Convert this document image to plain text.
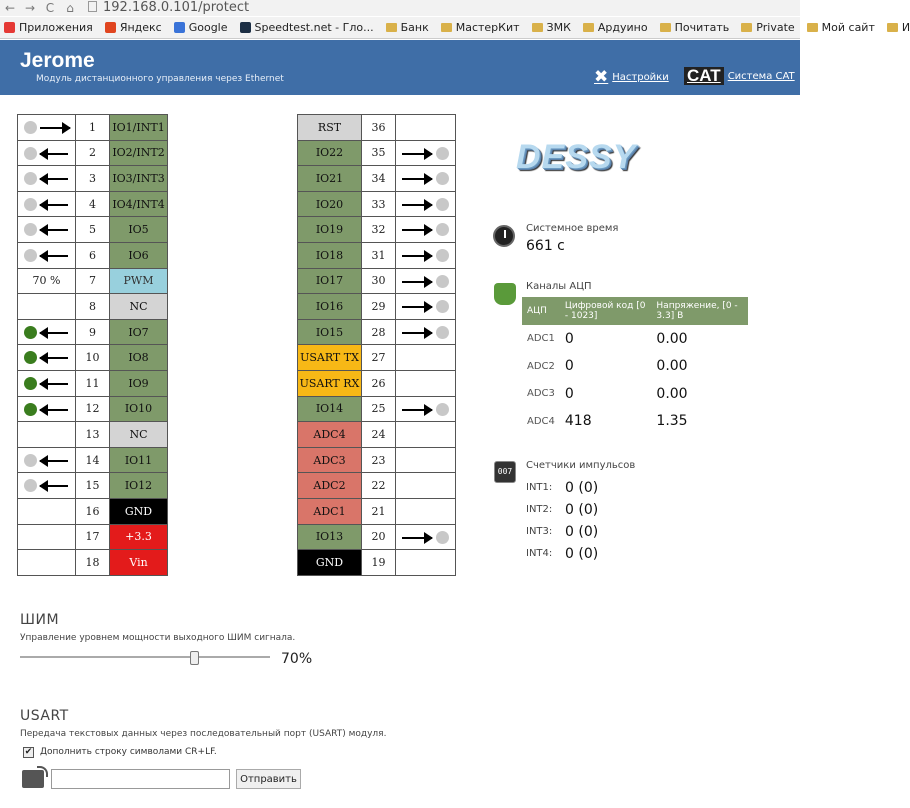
← → C	⌂	192.168.0.101/protect
Приложения Яндекс Google Speedtest.net - Гло... Банк МастерКит ЗМК Ардуино Почитать Private Мой сайт И
Jerome
Модуль дистанционного управления через Ethernet	✖ Настройки CAT Система CAT
	1	IO1/INT1		RST	36	

	2	IO2/INT2		IO22	35	

	3	IO3/INT3		IO21	34	

	4	IO4/INT4		IO20	33	

	5	IO5		IO19	32	

	6	IO6		IO18	31	

70 %	7	PWM		IO17	30	

	8	NC		IO16	29	

	9	IO7		IO15	28	

	10	IO8		USART TX	27	

	11	IO9		USART RX	26	

	12	IO10		IO14	25	

	13	NC		ADC4	24	

	14	IO11		ADC3	23	

	15	IO12		ADC2	22	
	16	GND		ADC1	21	
	17	+3.3		IO13	20	

	18	Vin		GND	19	
DESSY
Системное время
661 с
Каналы АЦП
АЦП	Цифровой код [0 - 1023]	Напряжение, [0 - 3.3] В
ADC1	0	0.00
ADC2	0	0.00
ADC3	0	0.00
ADC4	418	1.35
007
Счетчики импульсов
INT1: 0 (0)
INT2: 0 (0)
INT3: 0 (0)
INT4: 0 (0)
ШИМ
Управление уровнем мощности выходного ШИМ сигнала.
70%
USART
Передача текстовых данных через последовательный порт (USART) модуля.
✔ Дополнить строку символами CR+LF.
Отправить
